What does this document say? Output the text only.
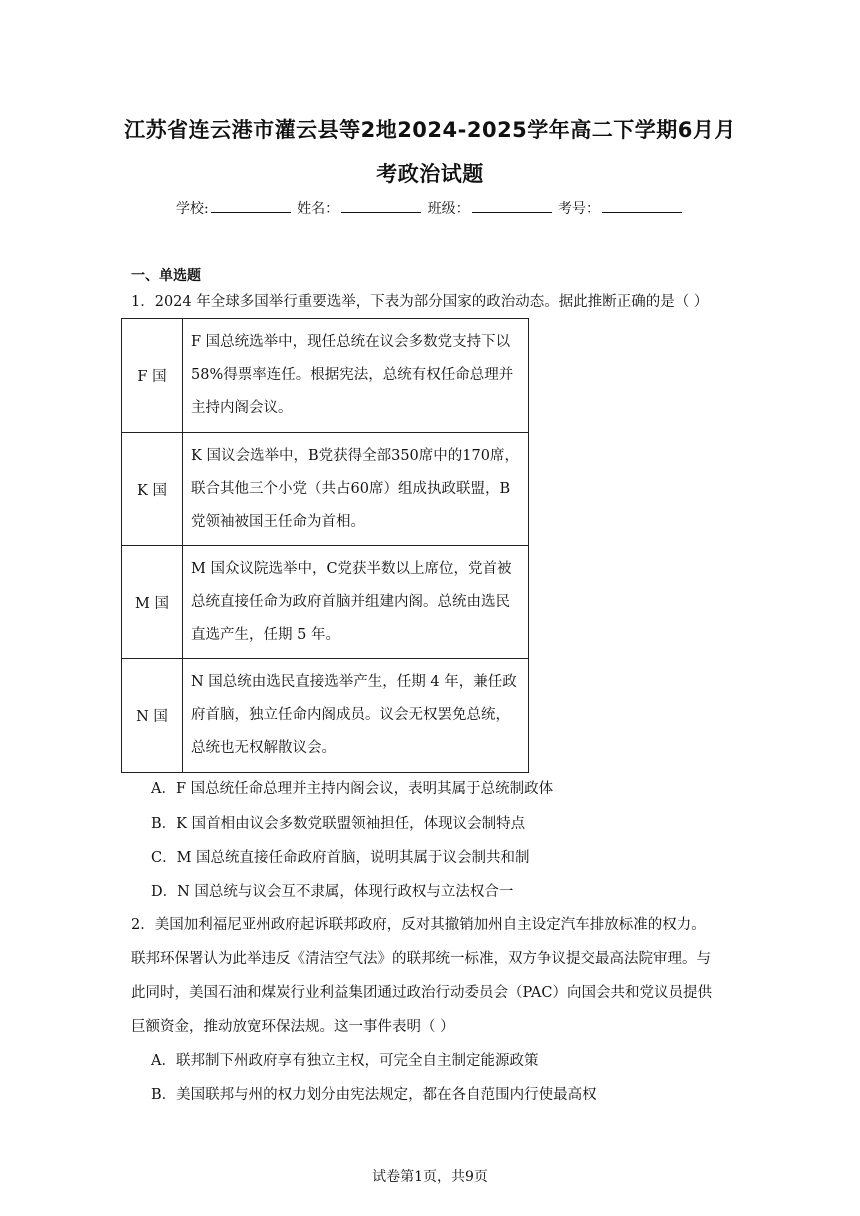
江苏省连云港市灌云县等2地2024-2025学年高二下学期6月月
考政治试题
学校:	姓名：	班级：	考号：
一、单选题
1．2024 年全球多国举行重要选举，下表为部分国家的政治动态。据此推断正确的是（ ）
F 国	F 国总统选举中，现任总统在议会多数党支持下以58%得票率连任。根据宪法，总统有权任命总理并主持内阁会议。
K 国	K 国议会选举中，B党获得全部350席中的170席，联合其他三个小党（共占60席）组成执政联盟，B党领袖被国王任命为首相。
M 国	M 国众议院选举中，C党获半数以上席位，党首被总统直接任命为政府首脑并组建内阁。总统由选民直选产生，任期 5 年。
N 国	N 国总统由选民直接选举产生，任期 4 年，兼任政府首脑，独立任命内阁成员。议会无权罢免总统，总统也无权解散议会。
A．F 国总统任命总理并主持内阁会议，表明其属于总统制政体
B．K 国首相由议会多数党联盟领袖担任，体现议会制特点
C．M 国总统直接任命政府首脑，说明其属于议会制共和制
D．N 国总统与议会互不隶属，体现行政权与立法权合一
2．美国加利福尼亚州政府起诉联邦政府，反对其撤销加州自主设定汽车排放标准的权力。
联邦环保署认为此举违反《清洁空气法》的联邦统一标准，双方争议提交最高法院审理。与
此同时，美国石油和煤炭行业利益集团通过政治行动委员会（PAC）向国会共和党议员提供
巨额资金，推动放宽环保法规。这一事件表明（ ）
A．联邦制下州政府享有独立主权，可完全自主制定能源政策
B．美国联邦与州的权力划分由宪法规定，都在各自范围内行使最高权
试卷第1页，共9页
